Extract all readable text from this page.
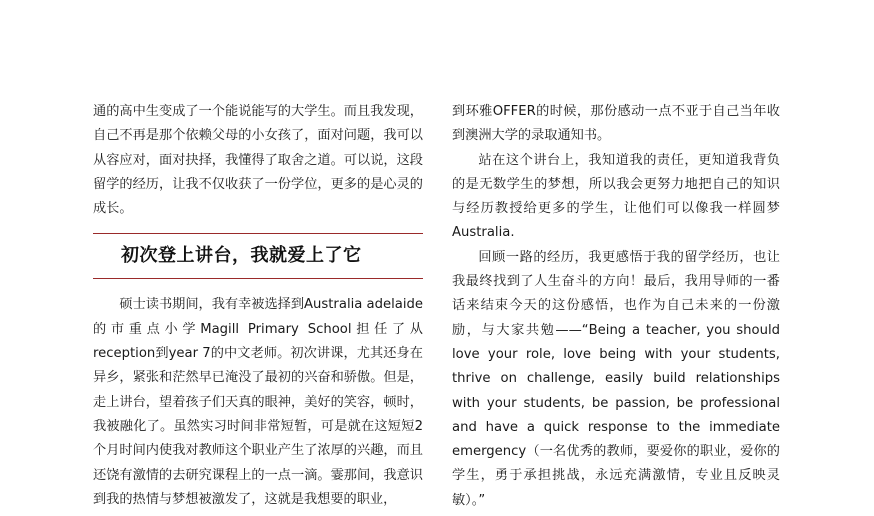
通的高中生变成了一个能说能写的大学生。而且我发现，自己不再是那个依赖父母的小女孩了，面对问题，我可以从容应对，面对抉择，我懂得了取舍之道。可以说，这段留学的经历，让我不仅收获了一份学位，更多的是心灵的成长。

初次登上讲台，我就爱上了它

硕士读书期间，我有幸被选择到Australia adelaide的市重点小学Magill Primary School担任了从reception到year 7的中文老师。初次讲课，尤其还身在异乡，紧张和茫然早已淹没了最初的兴奋和骄傲。但是，走上讲台，望着孩子们天真的眼神，美好的笑容，顿时，我被融化了。虽然实习时间非常短暂，可是就在这短短2个月时间内使我对教师这个职业产生了浓厚的兴趣，而且还饶有激情的去研究课程上的一点一滴。霎那间，我意识到我的热情与梦想被激发了，这就是我想要的职业，

到环雅OFFER的时候，那份感动一点不亚于自己当年收到澳洲大学的录取通知书。

站在这个讲台上，我知道我的责任，更知道我背负的是无数学生的梦想，所以我会更努力地把自己的知识与经历教授给更多的学生，让他们可以像我一样圆梦Australia.

回顾一路的经历，我更感悟于我的留学经历，也让我最终找到了人生奋斗的方向！最后，我用导师的一番话来结束今天的这份感悟，也作为自己未来的一份激励，与大家共勉——“Being a teacher, you should love your role, love being with your students, thrive on challenge, easily build relationships with your students, be passion, be professional and have a quick response to the immediate emergency（一名优秀的教师，要爱你的职业，爱你的学生，勇于承担挑战，永远充满激情，专业且反映灵敏）。”
